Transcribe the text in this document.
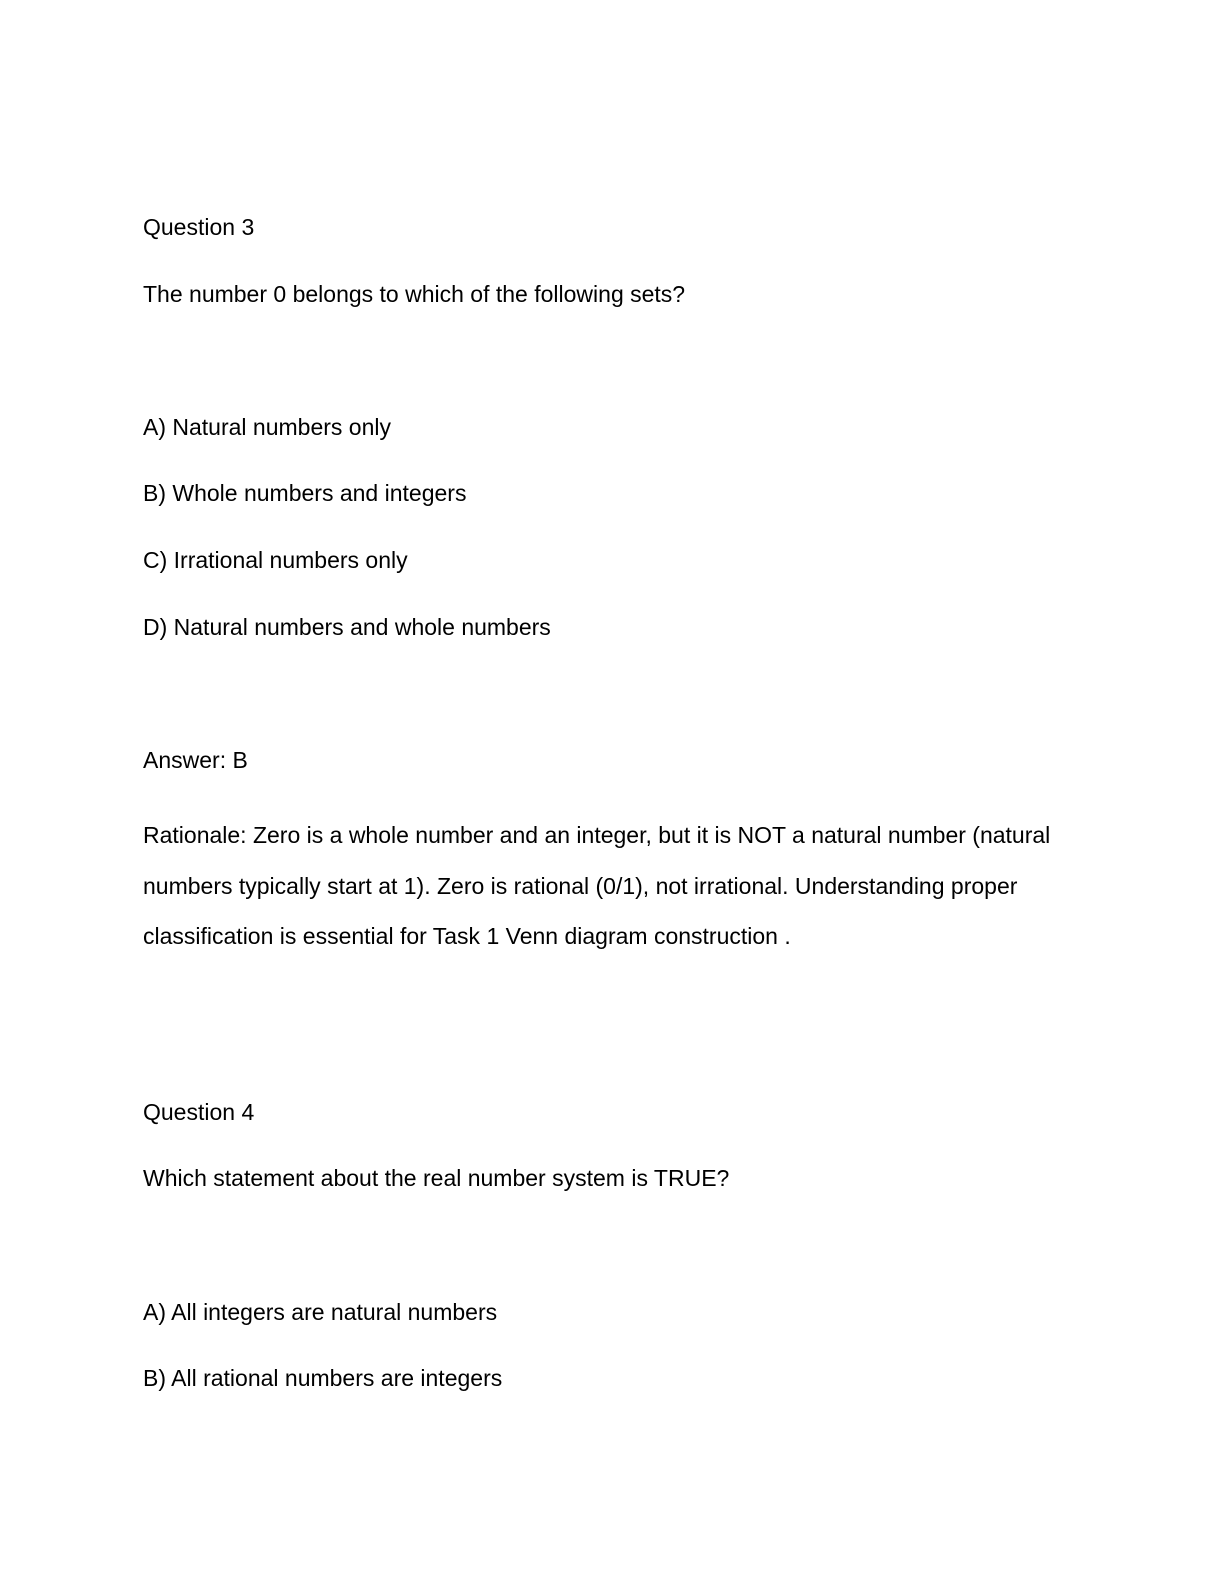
Question 3
The number 0 belongs to which of the following sets?
A) Natural numbers only
B) Whole numbers and integers
C) Irrational numbers only
D) Natural numbers and whole numbers
Answer: B
Rationale: Zero is a whole number and an integer, but it is NOT a natural number (natural numbers typically start at 1). Zero is rational (0/1), not irrational. Understanding proper classification is essential for Task 1 Venn diagram construction .
Question 4
Which statement about the real number system is TRUE?
A) All integers are natural numbers
B) All rational numbers are integers
